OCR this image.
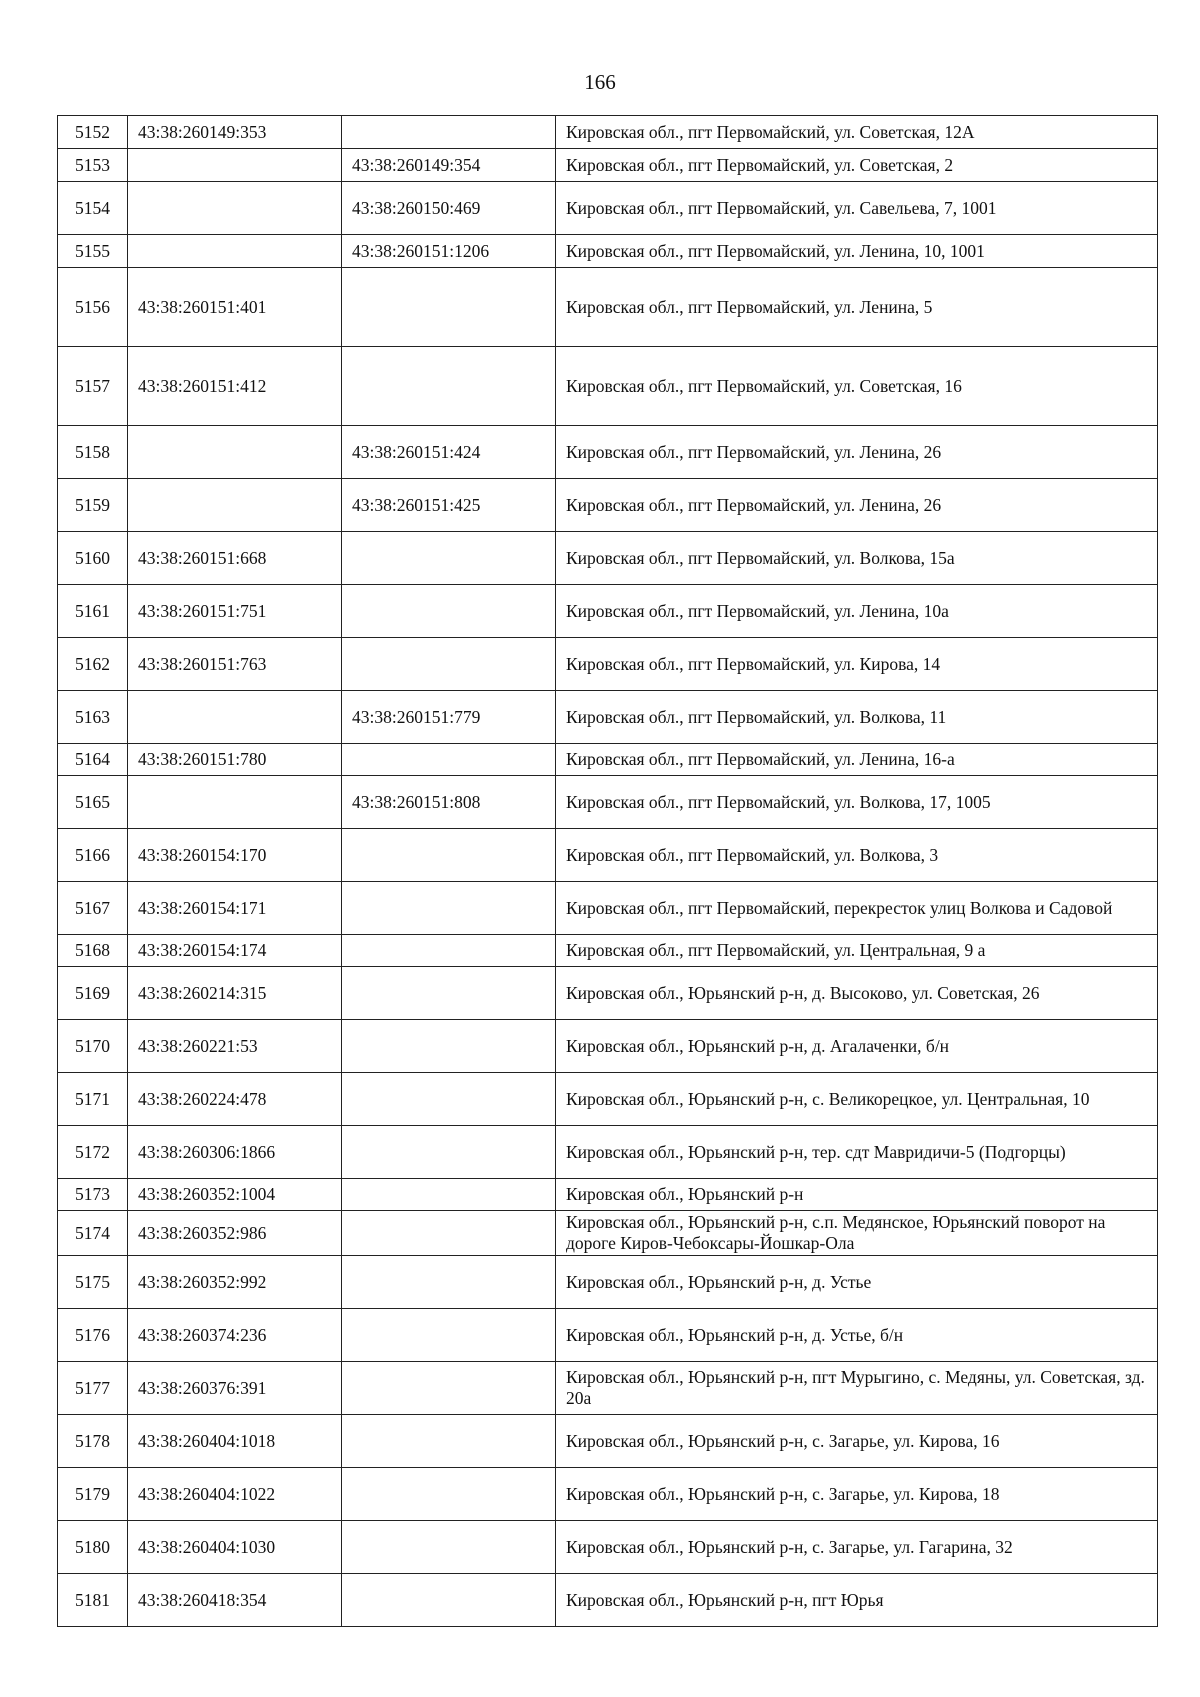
166
5152	43:38:260149:353		Кировская обл., пгт Первомайский, ул. Советская, 12А
5153		43:38:260149:354	Кировская обл., пгт Первомайский, ул. Советская, 2
5154		43:38:260150:469	Кировская обл., пгт Первомайский, ул. Савельева, 7, 1001
5155		43:38:260151:1206	Кировская обл., пгт Первомайский, ул. Ленина, 10, 1001
5156	43:38:260151:401		Кировская обл., пгт Первомайский, ул. Ленина, 5
5157	43:38:260151:412		Кировская обл., пгт Первомайский, ул. Советская, 16
5158		43:38:260151:424	Кировская обл., пгт Первомайский, ул. Ленина, 26
5159		43:38:260151:425	Кировская обл., пгт Первомайский, ул. Ленина, 26
5160	43:38:260151:668		Кировская обл., пгт Первомайский, ул. Волкова, 15а
5161	43:38:260151:751		Кировская обл., пгт Первомайский, ул. Ленина, 10а
5162	43:38:260151:763		Кировская обл., пгт Первомайский, ул. Кирова, 14
5163		43:38:260151:779	Кировская обл., пгт Первомайский, ул. Волкова, 11
5164	43:38:260151:780		Кировская обл., пгт Первомайский, ул. Ленина, 16-а
5165		43:38:260151:808	Кировская обл., пгт Первомайский, ул. Волкова, 17, 1005
5166	43:38:260154:170		Кировская обл., пгт Первомайский, ул. Волкова, 3
5167	43:38:260154:171		Кировская обл., пгт Первомайский, перекресток улиц Волкова и Садовой
5168	43:38:260154:174		Кировская обл., пгт Первомайский, ул. Центральная, 9 а
5169	43:38:260214:315		Кировская обл., Юрьянский р-н, д. Высоково, ул. Советская, 26
5170	43:38:260221:53		Кировская обл., Юрьянский р-н, д. Агалаченки, б/н
5171	43:38:260224:478		Кировская обл., Юрьянский р-н, с. Великорецкое, ул. Центральная, 10
5172	43:38:260306:1866		Кировская обл., Юрьянский р-н, тер. сдт Мавридичи-5 (Подгорцы)
5173	43:38:260352:1004		Кировская обл., Юрьянский р-н
5174	43:38:260352:986		Кировская обл., Юрьянский р-н, с.п. Медянское, Юрьянский поворот на дороге Киров-Чебоксары-Йошкар-Ола
5175	43:38:260352:992		Кировская обл., Юрьянский р-н, д. Устье
5176	43:38:260374:236		Кировская обл., Юрьянский р-н, д. Устье, б/н
5177	43:38:260376:391		Кировская обл., Юрьянский р-н, пгт Мурыгино, с. Медяны, ул. Советская, зд. 20а
5178	43:38:260404:1018		Кировская обл., Юрьянский р-н, с. Загарье, ул. Кирова, 16
5179	43:38:260404:1022		Кировская обл., Юрьянский р-н, с. Загарье, ул. Кирова, 18
5180	43:38:260404:1030		Кировская обл., Юрьянский р-н, с. Загарье, ул. Гагарина, 32
5181	43:38:260418:354		Кировская обл., Юрьянский р-н, пгт Юрья
